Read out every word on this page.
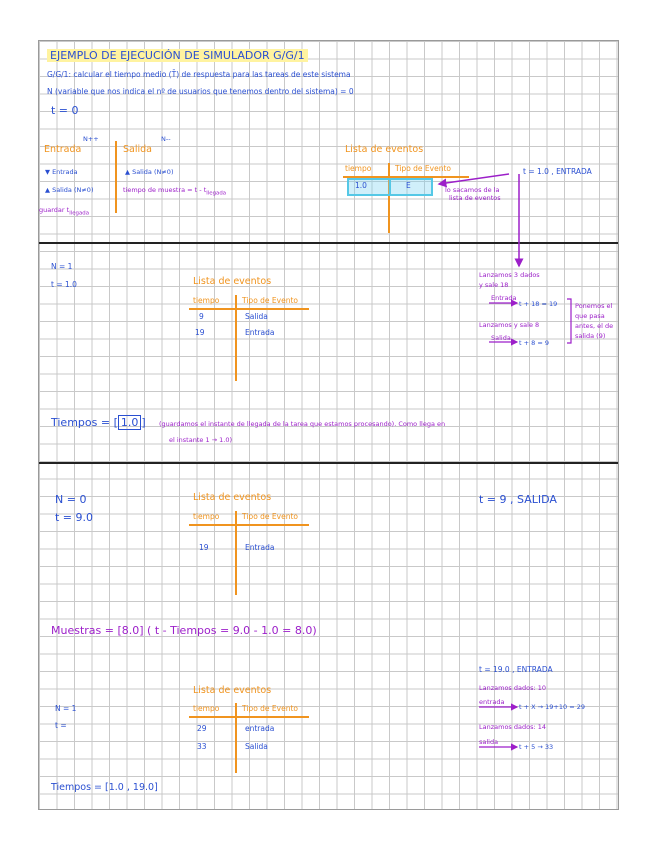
EJEMPLO DE EJECUCIÓN DE SIMULADOR G/G/1
G/G/1: calcular el tiempo medio (T̄) de respuesta para las tareas de este sistema
N (variable que nos indica el nº de usuarios que tenemos dentro del sistema) = 0
t = 0
Entrada
N++
Salida
N--
▼ Entrada	▲ Salida (N≠0)
▲ Salida (N≠0)	tiempo de muestra = t - $t_{llegada}$
guardar $t_{llegada}$
Lista de eventos
tiempo	Tipo de Evento
1.0	E	lo sacamos de la
lista de eventos
t = 1.0 , ENTRADA
N = 1
t = 1.0	Lista de eventos
tiempo	Tipo de Evento
9	Salida
19	Entrada
Lanzamos 3 dados
y sale 18
Entrada
t + 18 = 19
Lanzamos y sale 8
Salida
t + 8 = 9
Ponemos el
que pasa
antes, el de
salida (9)
Tiempos = [ 1.0 ] (guardamos el instante de llegada de la tarea que estamos procesando). Como llega en
el instante 1 → 1.0)
N = 0
t = 9.0
Lista de eventos
tiempo	Tipo de Evento
19	Entrada
t = 9 , SALIDA
Muestras = [8.0] ( t - Tiempos = 9.0 - 1.0 = 8.0)
t = 19.0 , ENTRADA
Lanzamos dados: 10
entrada
t + X → 19+10 = 29
Lanzamos dados: 14
salida
t + 5 → 33
N = 1
t =
Lista de eventos
tiempo	Tipo de Evento
29	entrada
33	Salida
Tiempos = [1.0 , 19.0]
